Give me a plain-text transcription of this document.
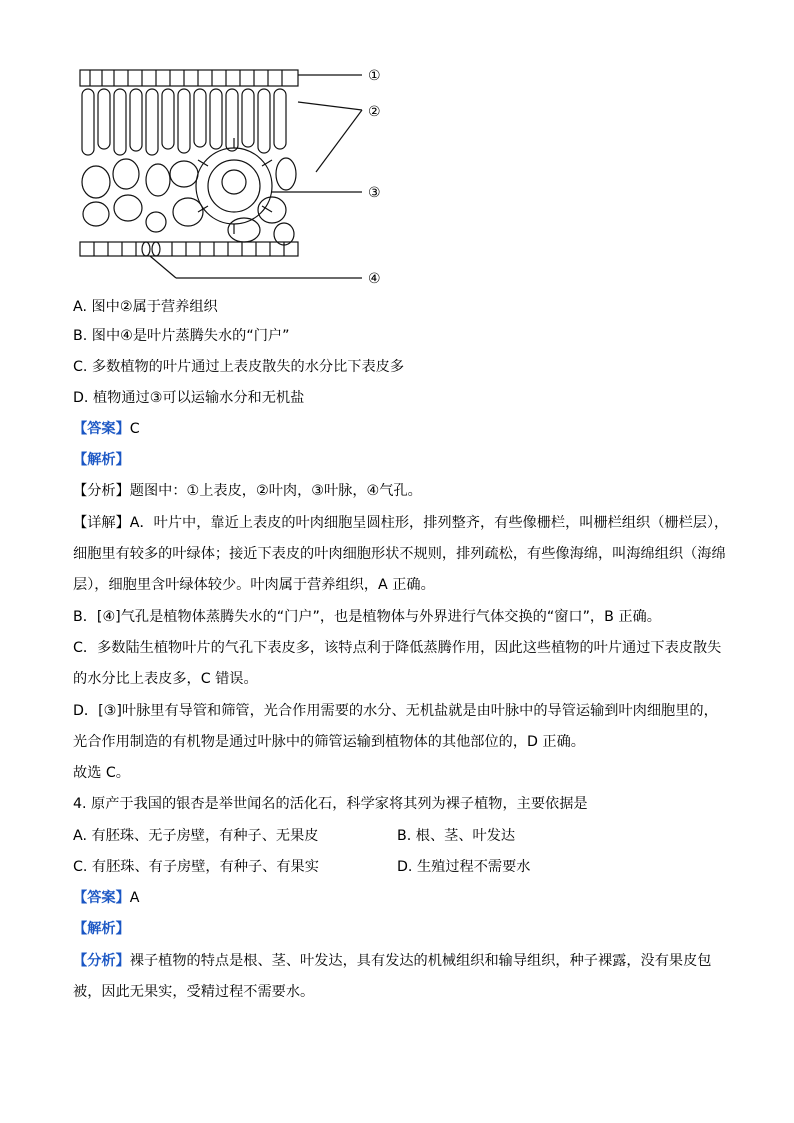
①
②
③
④
A. 图中②属于营养组织
B. 图中④是叶片蒸腾失水的“门户”
C. 多数植物的叶片通过上表皮散失的水分比下表皮多
D. 植物通过③可以运输水分和无机盐
【答案】C
【解析】
【分析】题图中：①上表皮，②叶肉，③叶脉，④气孔。
【详解】A．叶片中，靠近上表皮的叶肉细胞呈圆柱形，排列整齐，有些像栅栏，叫栅栏组织（栅栏层），
细胞里有较多的叶绿体；接近下表皮的叶肉细胞形状不规则，排列疏松，有些像海绵，叫海绵组织（海绵
层），细胞里含叶绿体较少。叶肉属于营养组织，A 正确。
B．[④]气孔是植物体蒸腾失水的“门户”，也是植物体与外界进行气体交换的“窗口”，B 正确。
C．多数陆生植物叶片的气孔下表皮多，该特点利于降低蒸腾作用，因此这些植物的叶片通过下表皮散失
的水分比上表皮多，C 错误。
D．[③]叶脉里有导管和筛管，光合作用需要的水分、无机盐就是由叶脉中的导管运输到叶肉细胞里的，
光合作用制造的有机物是通过叶脉中的筛管运输到植物体的其他部位的，D 正确。
故选 C。
4. 原产于我国的银杏是举世闻名的活化石，科学家将其列为裸子植物，主要依据是
A. 有胚珠、无子房壁，有种子、无果皮	B. 根、茎、叶发达
C. 有胚珠、有子房壁，有种子、有果实	D. 生殖过程不需要水
【答案】A
【解析】
【分析】裸子植物的特点是根、茎、叶发达，具有发达的机械组织和输导组织，种子裸露，没有果皮包
被，因此无果实，受精过程不需要水。
